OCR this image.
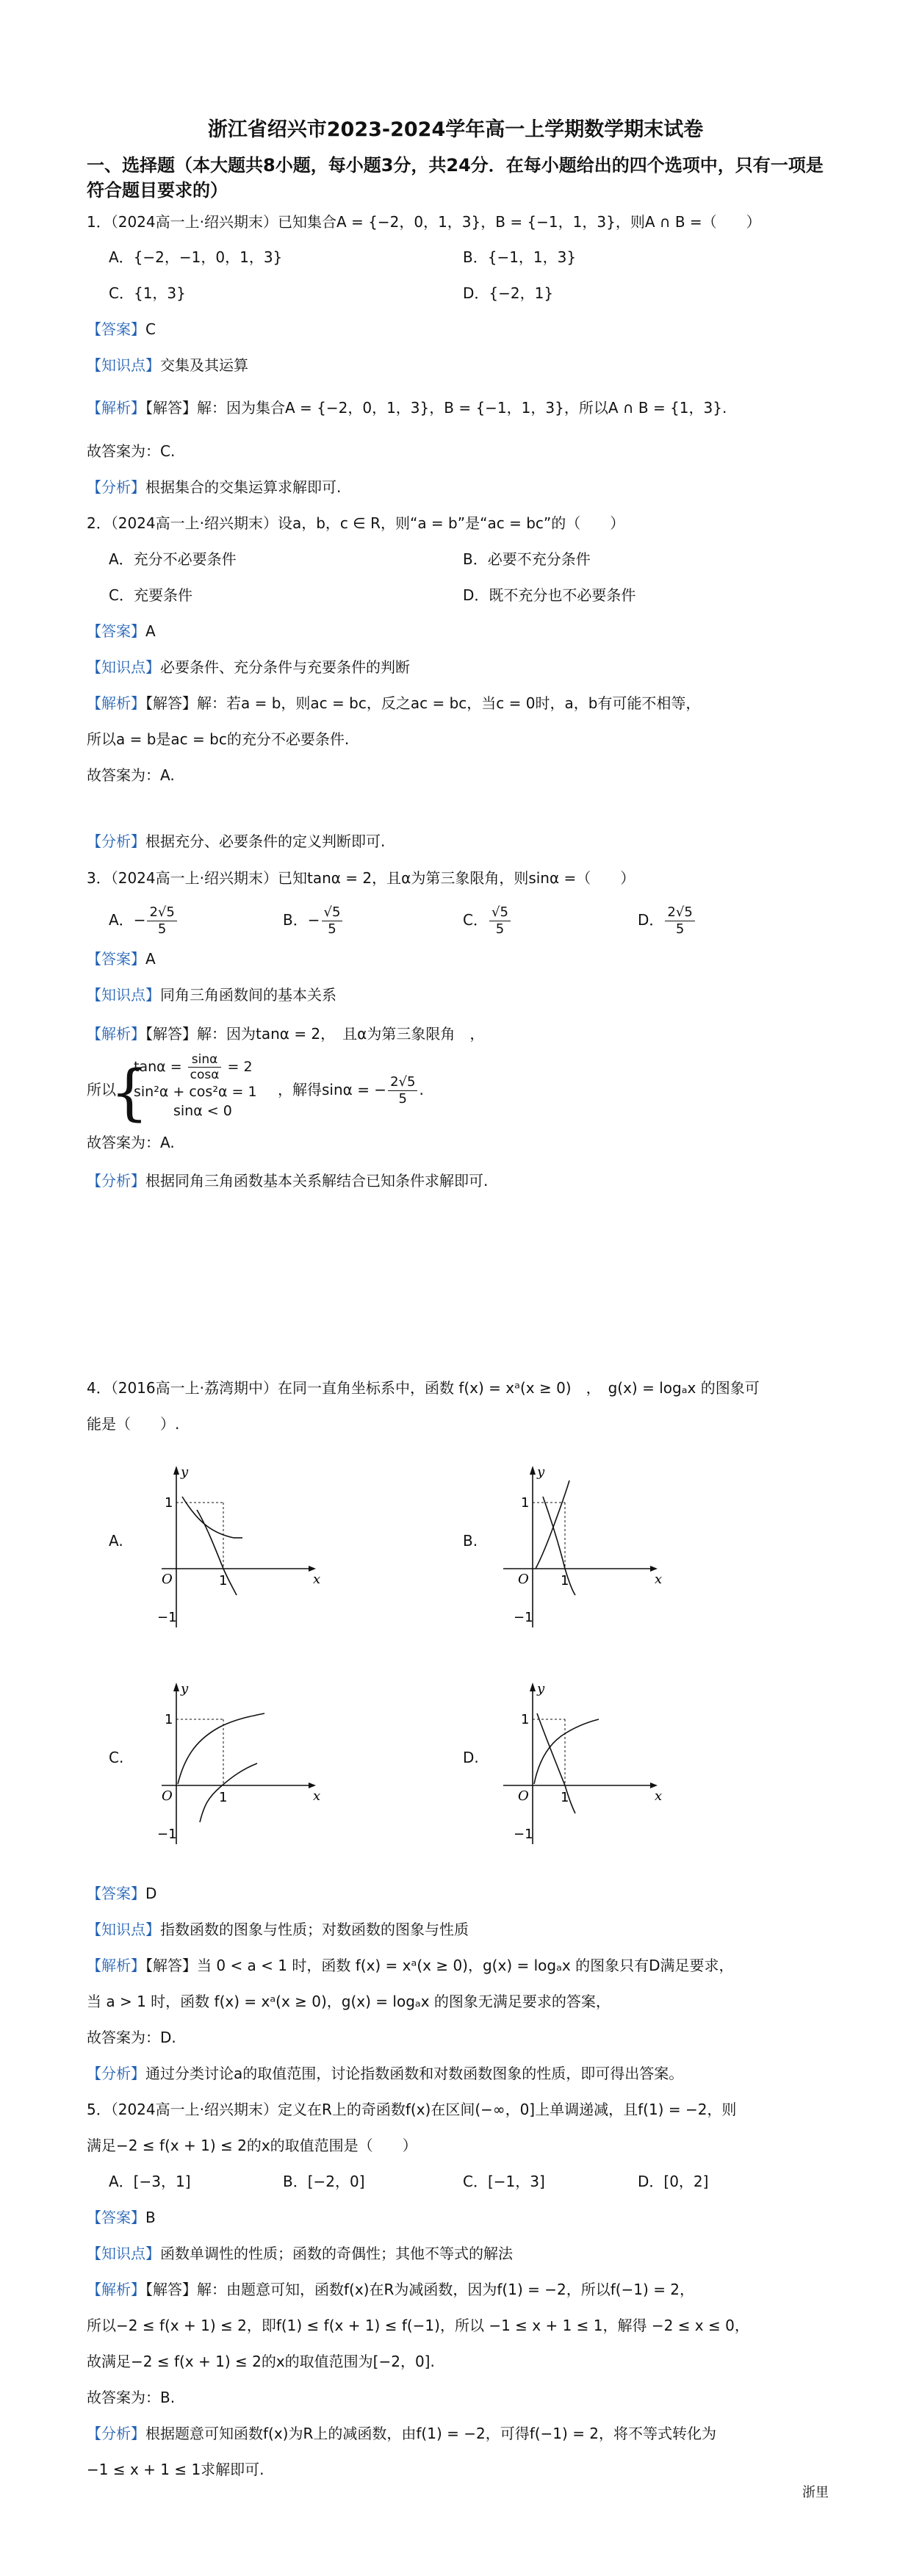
浙江省绍兴市2023-2024学年高一上学期数学期末试卷
一、选择题（本大题共8小题，每小题3分，共24分．在每小题给出的四个选项中，只有一项是符合题目要求的）
1．（2024高一上·绍兴期末）已知集合A = {−2，0，1，3}，B = {−1，1，3}，则A ∩ B =（　　）
A．{−2，−1，0，1，3}	B．{−1，1，3}
C．{1，3}	D．{−2，1}
【答案】C
【知识点】交集及其运算
【解析】【解答】解：因为集合A = {−2，0，1，3}，B = {−1，1，3}，所以A ∩ B = {1，3}.
故答案为：C.
【分析】根据集合的交集运算求解即可.
2．（2024高一上·绍兴期末）设a，b，c ∈ R，则“a = b”是“ac = bc”的（　　）
A．充分不必要条件	B．必要不充分条件
C．充要条件	D．既不充分也不必要条件
【答案】A
【知识点】必要条件、充分条件与充要条件的判断
【解析】【解答】解：若a = b，则ac = bc，反之ac = bc，当c = 0时，a，b有可能不相等，
所以a = b是ac = bc的充分不必要条件.
故答案为：A.
【分析】根据充分、必要条件的定义判断即可.
3．（2024高一上·绍兴期末）已知tanα = 2，且α为第三象限角，则sinα =（　　）
A．− $\frac{2√5}{5}$	B．− $\frac{√5}{5}$	C． $\frac{√5}{5}$	D． $\frac{2√5}{5}$
【答案】A
【知识点】同角三角函数间的基本关系
【解析】【解答】解：因为tanα = 2，　且α为第三象限角　，
所以
{
$\tan\alpha = \frac{\sin\alpha}{\cos\alpha} = 2$
sin²α + cos²α = 1
sinα < 0
，解得sinα = − $\frac{2√5}{5}$ .
故答案为：A.
【分析】根据同角三角函数基本关系解结合已知条件求解即可.
4．（2016高一上·荔湾期中）在同一直角坐标系中，函数 f(x) = xᵃ(x ≥ 0)　，　g(x) = logₐx 的图象可
能是（　　）.
A.	B.
C.	D.
y
x
O
1
1
−1
y
x
O
1
1
−1
y
x
O
1
1
−1
y
x
O
1
1
−1
【答案】D
【知识点】指数函数的图象与性质；对数函数的图象与性质
【解析】【解答】当 0 < a < 1 时，函数 f(x) = xᵃ(x ≥ 0)，g(x) = logₐx 的图象只有D满足要求，
当 a > 1 时，函数 f(x) = xᵃ(x ≥ 0)，g(x) = logₐx 的图象无满足要求的答案，
故答案为：D.
【分析】通过分类讨论a的取值范围，讨论指数函数和对数函数图象的性质，即可得出答案。
5．（2024高一上·绍兴期末）定义在R上的奇函数f(x)在区间(−∞，0]上单调递减，且f(1) = −2，则
满足−2 ≤ f(x + 1) ≤ 2的x的取值范围是（　　）
A．[−3，1]	B．[−2，0]	C．[−1，3]	D．[0，2]
【答案】B
【知识点】函数单调性的性质；函数的奇偶性；其他不等式的解法
【解析】【解答】解：由题意可知，函数f(x)在R为减函数，因为f(1) = −2，所以f(−1) = 2，
所以−2 ≤ f(x + 1) ≤ 2，即f(1) ≤ f(x + 1) ≤ f(−1)，所以 −1 ≤ x + 1 ≤ 1，解得 −2 ≤ x ≤ 0，
故满足−2 ≤ f(x + 1) ≤ 2的x的取值范围为[−2，0].
故答案为：B.
【分析】根据题意可知函数f(x)为R上的减函数，由f(1) = −2，可得f(−1) = 2，将不等式转化为
−1 ≤ x + 1 ≤ 1求解即可.
浙里
